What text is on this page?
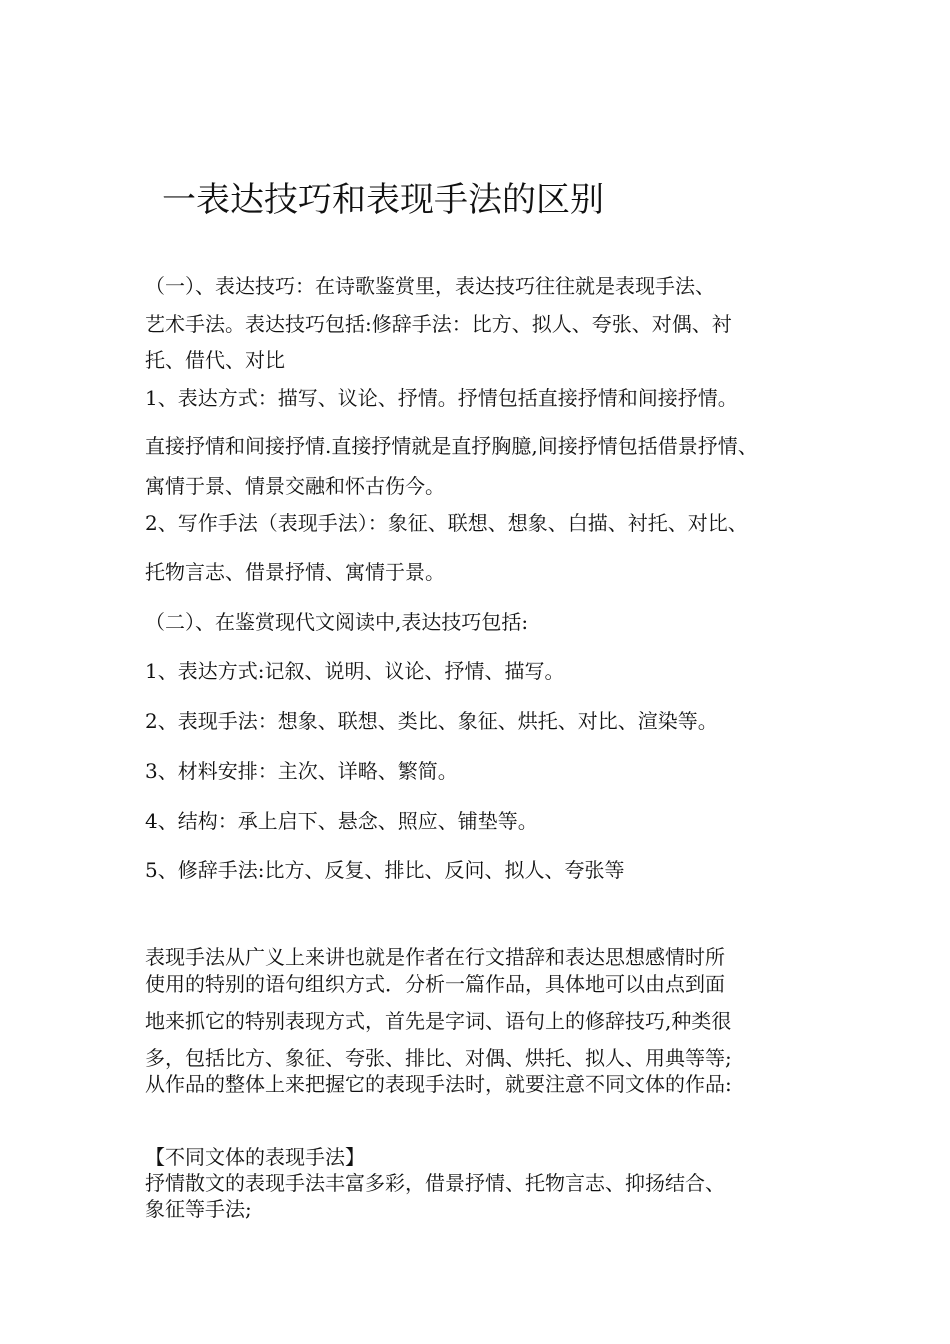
一表达技巧和表现手法的区别
（一）、表达技巧：在诗歌鉴赏里，表达技巧往往就是表现手法、
艺术手法。表达技巧包括:修辞手法：比方、拟人、夸张、对偶、衬
托、借代、对比
1、表达方式：描写、议论、抒情。抒情包括直接抒情和间接抒情。
直接抒情和间接抒情.直接抒情就是直抒胸臆,间接抒情包括借景抒情、
寓情于景、情景交融和怀古伤今。
2、写作手法（表现手法）：象征、联想、想象、白描、衬托、对比、
托物言志、借景抒情、寓情于景。
（二）、在鉴赏现代文阅读中,表达技巧包括:
1、表达方式:记叙、说明、议论、抒情、描写。
2、表现手法：想象、联想、类比、象征、烘托、对比、渲染等。
3、材料安排：主次、详略、繁简。
4、结构：承上启下、悬念、照应、铺垫等。
5、修辞手法:比方、反复、排比、反问、拟人、夸张等
表现手法从广义上来讲也就是作者在行文措辞和表达思想感情时所
使用的特别的语句组织方式．分析一篇作品，具体地可以由点到面
地来抓它的特别表现方式，首先是字词、语句上的修辞技巧,种类很
多，包括比方、象征、夸张、排比、对偶、烘托、拟人、用典等等;
从作品的整体上来把握它的表现手法时，就要注意不同文体的作品:
【不同文体的表现手法】
抒情散文的表现手法丰富多彩，借景抒情、托物言志、抑扬结合、
象征等手法;
